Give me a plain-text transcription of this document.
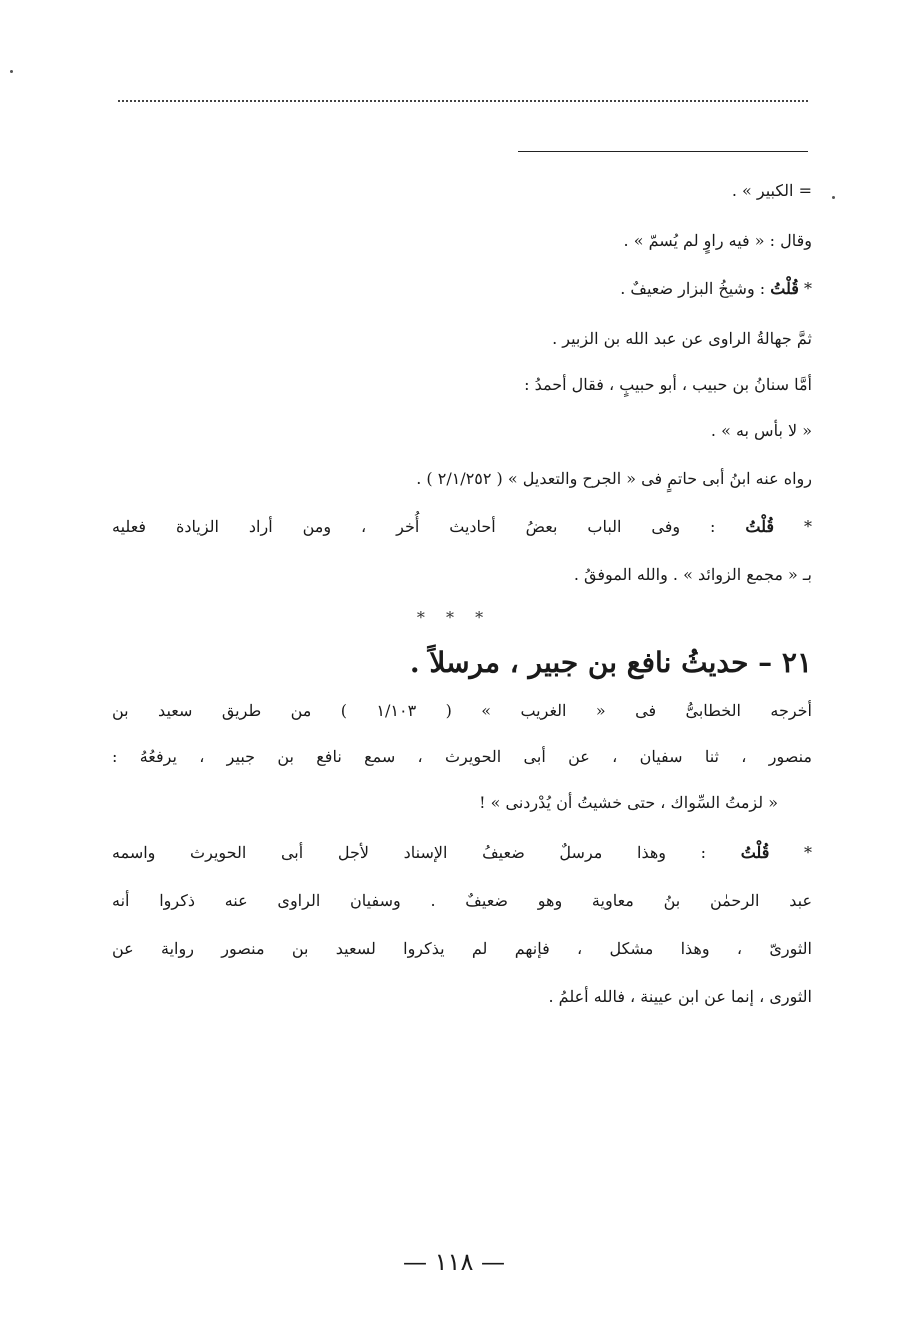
= الكبير » .
وقال : « فيه راوٍ لم يُسمّ » .
* قُلْتُ : وشيخُ البزار ضعيفٌ .
ثمَّ جهالةُ الراوى عن عبد الله بن الزبير .
أمَّا سنانُ بن حبيب ، أبو حبيبٍ ، فقال أحمدُ :
« لا بأس به » .
رواه عنه ابنُ أبى حاتمٍ فى « الجرح والتعديل » ( ٢/١/٢٥٢ ) .
* قُلْتُ : وفى الباب بعضُ أحاديث أُخر ، ومن أراد الزيادة فعليه
بـ « مجمع الزوائد » . والله الموفقُ .
* * *
٢١ – حديثُ نافع بن جبير ، مرسلاً .
أخرجه الخطابىُّ فى « الغريب » ( ١/١٠٣ ) من طريق سعيد بن
منصور ، ثنا سفيان ، عن أبى الحويرث ، سمع نافع بن جبير ، يرفعُهُ :
« لزمتُ السِّواك ، حتى خشيتُ أن يُدْردنى » !
* قُلْتُ : وهذا مرسلٌ ضعيفُ الإسناد لأجل أبى الحويرث واسمه
عبد الرحمٰن بنُ معاوية وهو ضعيفٌ . وسفيان الراوى عنه ذكروا أنه
الثورىّ ، وهذا مشكل ، فإنهم لم يذكروا لسعيد بن منصور رواية عن
الثورى ، إنما عن ابن عيينة ، فالله أعلمُ .
— ١١٨ —
